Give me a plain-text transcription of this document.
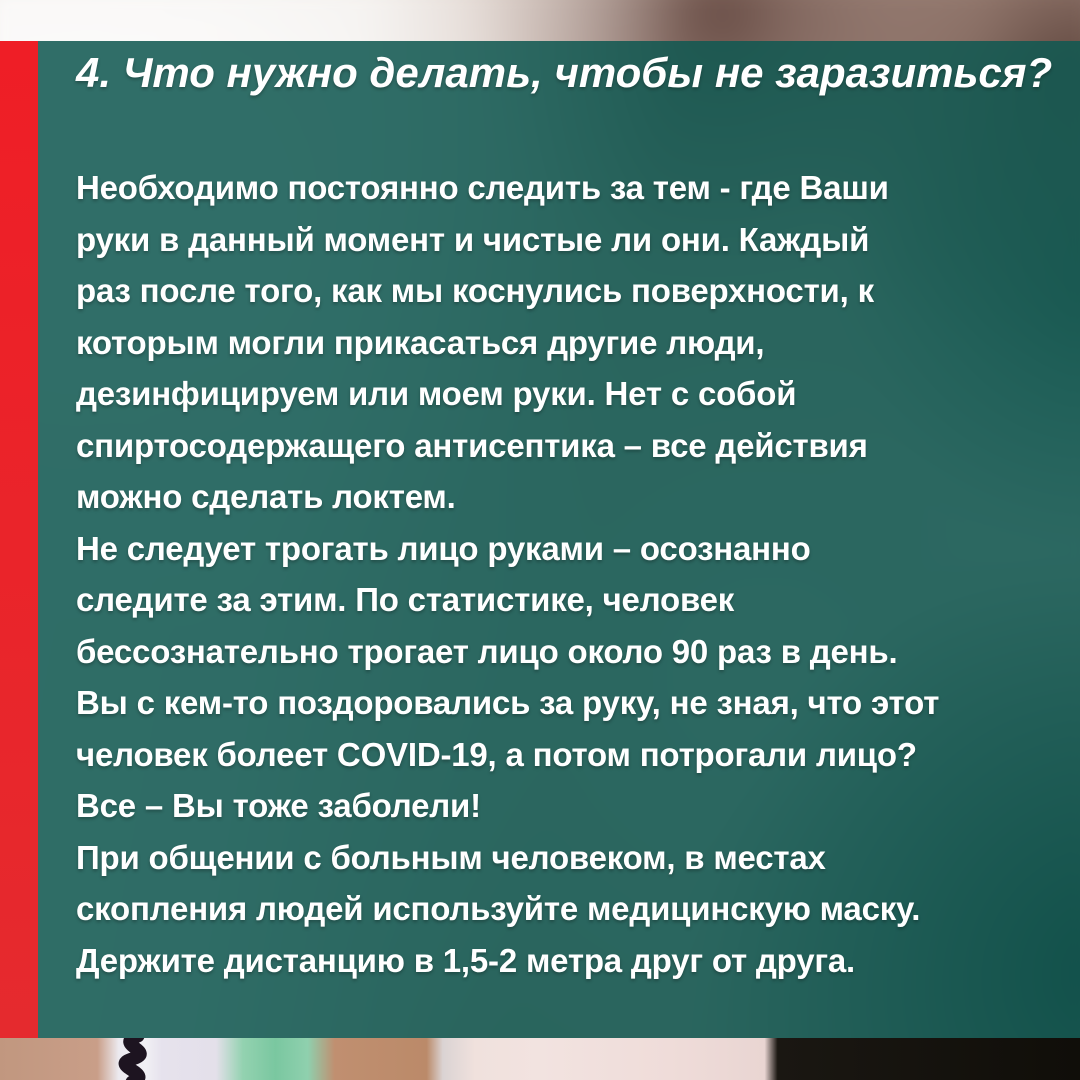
4. Что нужно делать, чтобы не заразиться?
Необходимо постоянно следить за тем - где Ваши
руки в данный момент и чистые ли они. Каждый
раз после того, как мы коснулись поверхности, к
которым могли прикасаться другие люди,
дезинфицируем или моем руки. Нет с собой
спиртосодержащего антисептика – все действия
можно сделать локтем.
Не следует трогать лицо руками – осознанно
следите за этим. По статистике, человек
бессознательно трогает лицо около 90 раз в день.
Вы с кем-то поздоровались за руку, не зная, что этот
человек болеет COVID-19, а потом потрогали лицо?
Все – Вы тоже заболели!
При общении с больным человеком, в местах
скопления людей используйте медицинскую маску.
Держите дистанцию в 1,5-2 метра друг от друга.
